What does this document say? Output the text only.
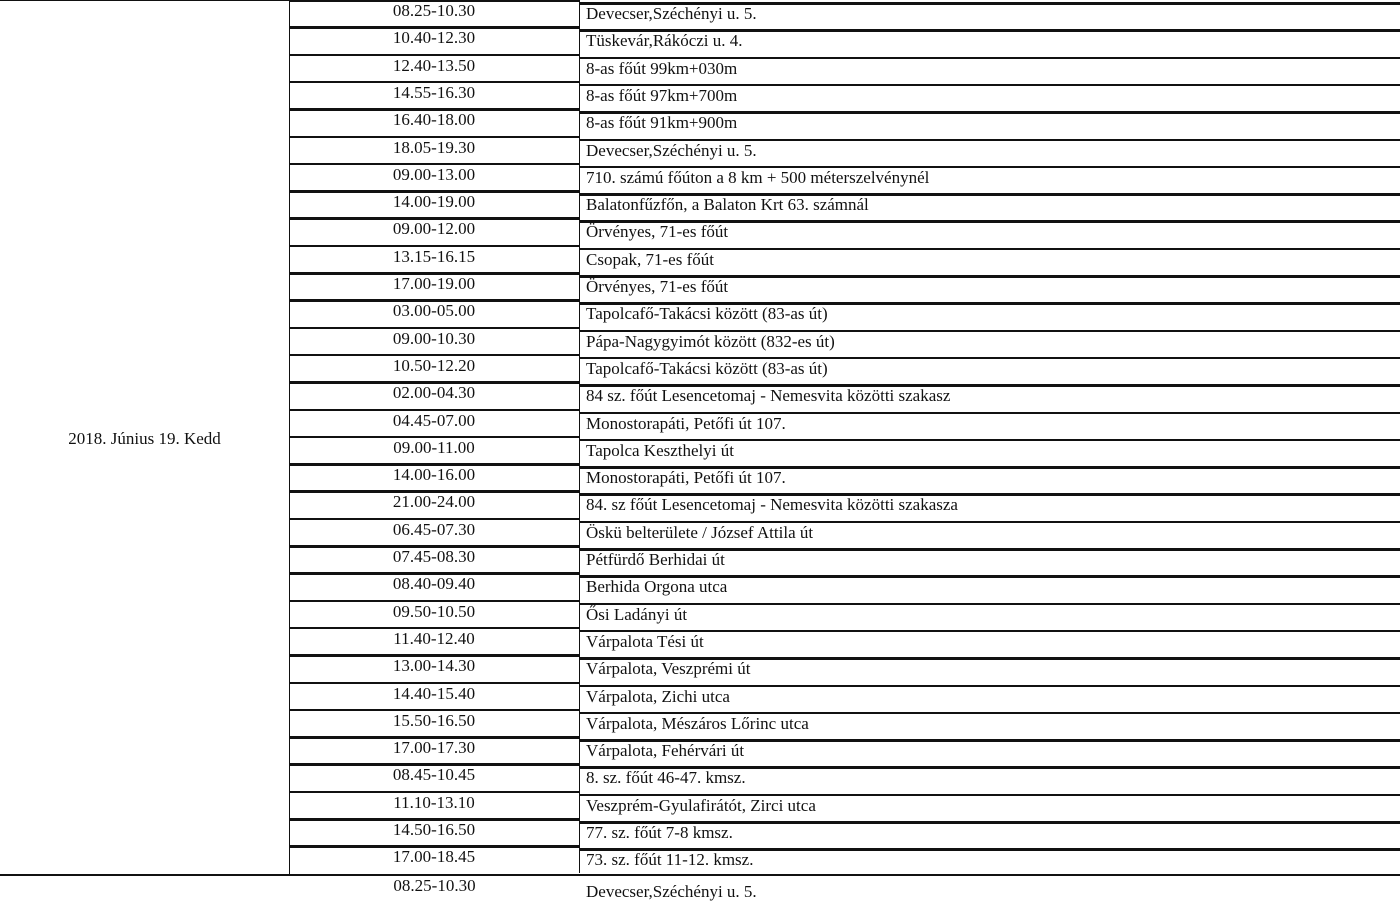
2018. Június 19. Kedd
08.25-10.30	Devecser,Széchényi u. 5.
10.40-12.30	Tüskevár,Rákóczi u. 4.
12.40-13.50	8-as főút 99km+030m
14.55-16.30	8-as főút 97km+700m
16.40-18.00	8-as főút 91km+900m
18.05-19.30	Devecser,Széchényi u. 5.
09.00-13.00	710. számú főúton a 8 km + 500 méterszelvénynél
14.00-19.00	Balatonfűzfőn, a Balaton Krt 63. számnál
09.00-12.00	Örvényes, 71-es főút
13.15-16.15	Csopak, 71-es főút
17.00-19.00	Örvényes, 71-es főút
03.00-05.00	Tapolcafő-Takácsi között (83-as út)
09.00-10.30	Pápa-Nagygyimót között (832-es út)
10.50-12.20	Tapolcafő-Takácsi között (83-as út)
02.00-04.30	84 sz. főút Lesencetomaj - Nemesvita közötti szakasz
04.45-07.00	Monostorapáti, Petőfi út 107.
09.00-11.00	Tapolca Keszthelyi út
14.00-16.00	Monostorapáti, Petőfi út 107.
21.00-24.00	84. sz főút Lesencetomaj - Nemesvita közötti szakasza
06.45-07.30	Öskü belterülete / József Attila út
07.45-08.30	Pétfürdő Berhidai út
08.40-09.40	Berhida Orgona utca
09.50-10.50	Ősi Ladányi út
11.40-12.40	Várpalota Tési út
13.00-14.30	Várpalota, Veszprémi út
14.40-15.40	Várpalota, Zichi utca
15.50-16.50	Várpalota, Mészáros Lőrinc utca
17.00-17.30	Várpalota, Fehérvári út
08.45-10.45	8. sz. főút 46-47. kmsz.
11.10-13.10	Veszprém-Gyulafirátót, Zirci utca
14.50-16.50	77. sz. főút 7-8 kmsz.
17.00-18.45	73. sz. főút 11-12. kmsz.
08.25-10.30	Devecser,Széchényi u. 5.
